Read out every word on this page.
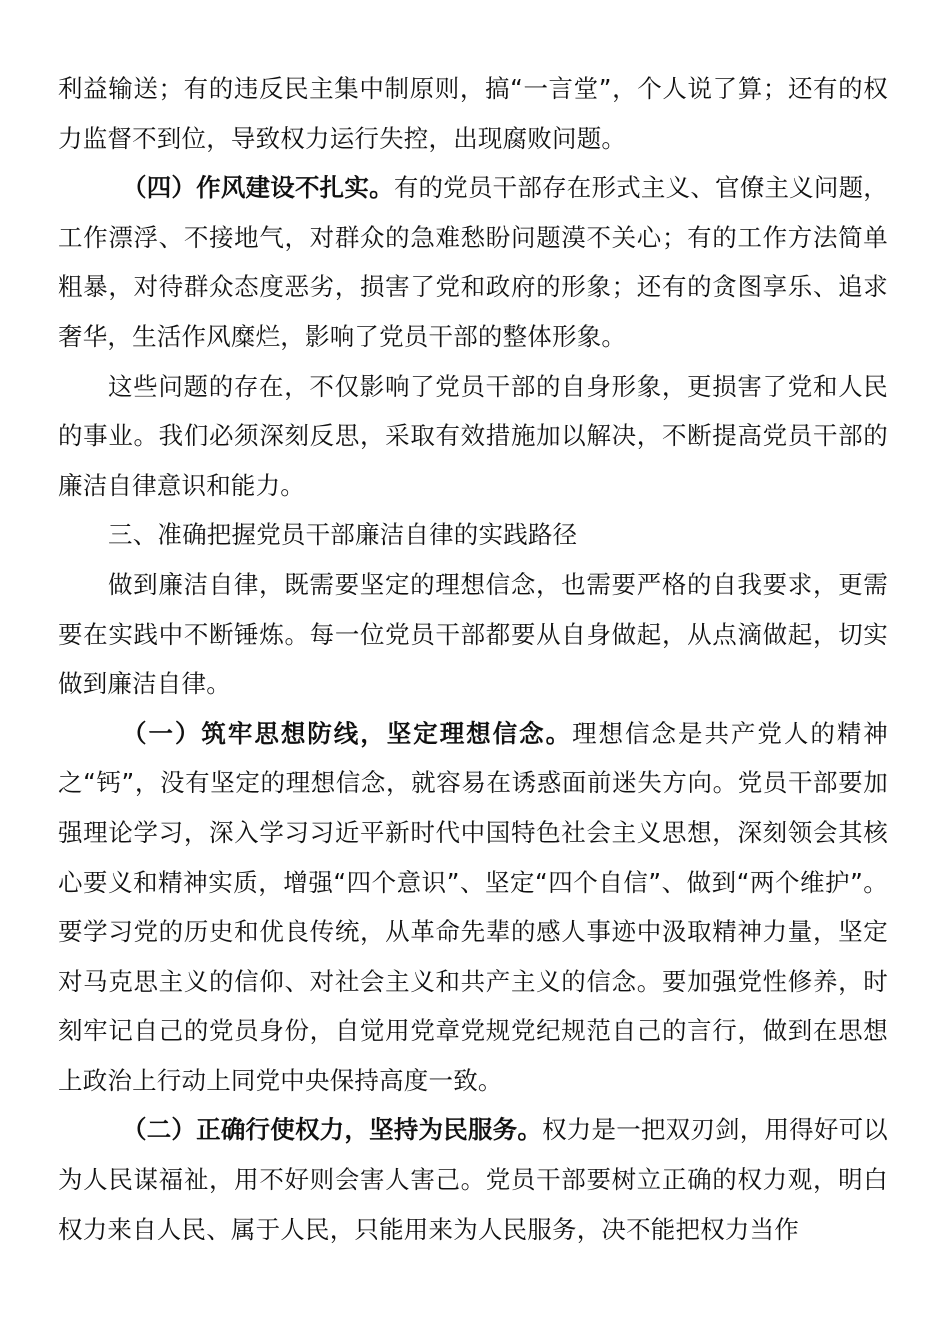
利益输送；有的违反民主集中制原则，搞“一言堂”，个人说了算；还有的权力监督不到位，导致权力运行失控，出现腐败问题。

（四）作风建设不扎实。有的党员干部存在形式主义、官僚主义问题，工作漂浮、不接地气，对群众的急难愁盼问题漠不关心；有的工作方法简单粗暴，对待群众态度恶劣，损害了党和政府的形象；还有的贪图享乐、追求奢华，生活作风糜烂，影响了党员干部的整体形象。

这些问题的存在，不仅影响了党员干部的自身形象，更损害了党和人民的事业。我们必须深刻反思，采取有效措施加以解决，不断提高党员干部的廉洁自律意识和能力。

三、准确把握党员干部廉洁自律的实践路径

做到廉洁自律，既需要坚定的理想信念，也需要严格的自我要求，更需要在实践中不断锤炼。每一位党员干部都要从自身做起，从点滴做起，切实做到廉洁自律。

（一）筑牢思想防线，坚定理想信念。理想信念是共产党人的精神之“钙”，没有坚定的理想信念，就容易在诱惑面前迷失方向。党员干部要加强理论学习，深入学习习近平新时代中国特色社会主义思想，深刻领会其核心要义和精神实质，增强“四个意识”、坚定“四个自信”、做到“两个维护”。要学习党的历史和优良传统，从革命先辈的感人事迹中汲取精神力量，坚定对马克思主义的信仰、对社会主义和共产主义的信念。要加强党性修养，时刻牢记自己的党员身份，自觉用党章党规党纪规范自己的言行，做到在思想上政治上行动上同党中央保持高度一致。

（二）正确行使权力，坚持为民服务。权力是一把双刃剑，用得好可以为人民谋福祉，用不好则会害人害己。党员干部要树立正确的权力观，明白权力来自人民、属于人民，只能用来为人民服务，决不能把权力当作
